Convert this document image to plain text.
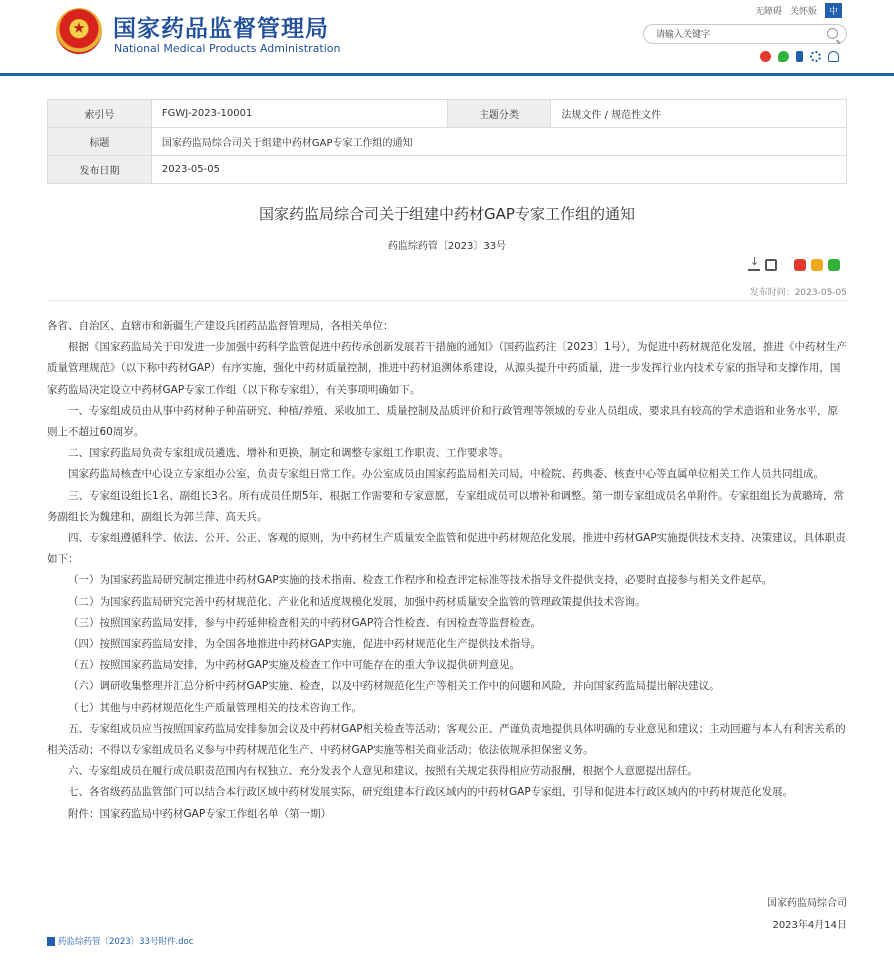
国家药品监督管理局
National Medical Products Administration
无障碍 关怀版	中
请输入关键字
索引号	FGWJ-2023-10001	主题分类	法规文件 / 规范性文件
标题	国家药监局综合司关于组建中药材GAP专家工作组的通知		
发布日期	2023-05-05		
国家药监局综合司关于组建中药材GAP专家工作组的通知
药监综药管〔2023〕33号
↓
发布时间：2023-05-05

各省、自治区、直辖市和新疆生产建设兵团药品监督管理局，各相关单位：

根据《国家药监局关于印发进一步加强中药科学监管促进中药传承创新发展若干措施的通知》（国药监药注〔2023〕1号），为促进中药材规范化发展，推进《中药材生产质量管理规范》（以下称中药材GAP）有序实施，强化中药材质量控制，推进中药材追溯体系建设，从源头提升中药质量，进一步发挥行业内技术专家的指导和支撑作用，国家药监局决定设立中药材GAP专家工作组（以下称专家组），有关事项明确如下。

一、专家组成员由从事中药材种子种苗研究、种植/养殖、采收加工、质量控制及品质评价和行政管理等领域的专业人员组成，要求具有较高的学术造诣和业务水平，原则上不超过60周岁。

二、国家药监局负责专家组成员遴选、增补和更换，制定和调整专家组工作职责、工作要求等。

国家药监局核查中心设立专家组办公室，负责专家组日常工作。办公室成员由国家药监局相关司局，中检院、药典委、核查中心等直属单位相关工作人员共同组成。

三、专家组设组长1名、副组长3名。所有成员任期5年，根据工作需要和专家意愿，专家组成员可以增补和调整。第一期专家组成员名单附件。专家组组长为黄璐琦，常务副组长为魏建和，副组长为郭兰萍、高天兵。

四、专家组遵循科学、依法、公开、公正、客观的原则，为中药材生产质量安全监管和促进中药材规范化发展，推进中药材GAP实施提供技术支持、决策建议，具体职责如下：

（一）为国家药监局研究制定推进中药材GAP实施的技术指南、检查工作程序和检查评定标准等技术指导文件提供支持，必要时直接参与相关文件起草。

（二）为国家药监局研究完善中药材规范化、产业化和适度规模化发展，加强中药材质量安全监管的管理政策提供技术咨询。

（三）按照国家药监局安排，参与中药延伸检查相关的中药材GAP符合性检查、有因检查等监督检查。

（四）按照国家药监局安排，为全国各地推进中药材GAP实施，促进中药材规范化生产提供技术指导。

（五）按照国家药监局安排，为中药材GAP实施及检查工作中可能存在的重大争议提供研判意见。

（六）调研收集整理并汇总分析中药材GAP实施、检查，以及中药材规范化生产等相关工作中的问题和风险，并向国家药监局提出解决建议。

（七）其他与中药材规范化生产质量管理相关的技术咨询工作。

五、专家组成员应当按照国家药监局安排参加会议及中药材GAP相关检查等活动；客观公正、严谨负责地提供具体明确的专业意见和建议；主动回避与本人有利害关系的相关活动；不得以专家组成员名义参与中药材规范化生产、中药材GAP实施等相关商业活动；依法依规承担保密义务。

六、专家组成员在履行成员职责范围内有权独立、充分发表个人意见和建议，按照有关规定获得相应劳动报酬，根据个人意愿提出辞任。

七、各省级药品监管部门可以结合本行政区域中药材发展实际，研究组建本行政区域内的中药材GAP专家组，引导和促进本行政区域内的中药材规范化发展。

附件：国家药监局中药材GAP专家工作组名单（第一期）

国家药监局综合司
2023年4月14日
药监综药管〔2023〕33号附件.doc
